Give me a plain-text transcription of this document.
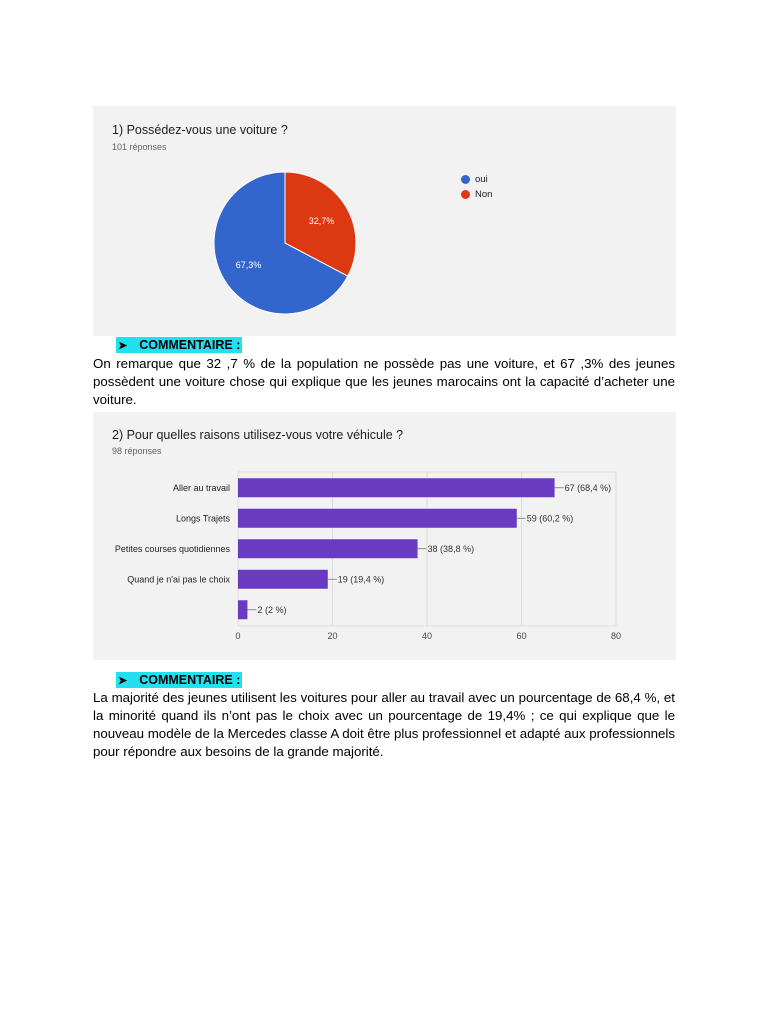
1) Possédez-vous une voiture ?
101 réponses
67,3%
32,7%
oui
Non
➤ COMMENTAIRE :
On remarque que 32 ,7 % de la population ne possède pas une voiture, et 67 ,3% des jeunes possèdent une voiture chose qui explique que les jeunes marocains ont la capacité d’acheter une voiture.
2) Pour quelles raisons utilisez-vous votre véhicule ?
98 réponses
0	20	40	60	80
Aller au travail	67 (68,4 %)
Longs Trajets	59 (60,2 %)
Petites courses quotidiennes	38 (38,8 %)
Quand je n'ai pas le choix	19 (19,4 %)
2 (2 %)
➤ COMMENTAIRE :
La majorité des jeunes utilisent les voitures pour aller au travail avec un pourcentage de 68,4 %, et la minorité quand ils n’ont pas le choix avec un pourcentage de 19,4% ; ce qui explique que le nouveau modèle de la Mercedes classe A doit être plus professionnel et adapté aux professionnels pour répondre aux besoins de la grande majorité.
